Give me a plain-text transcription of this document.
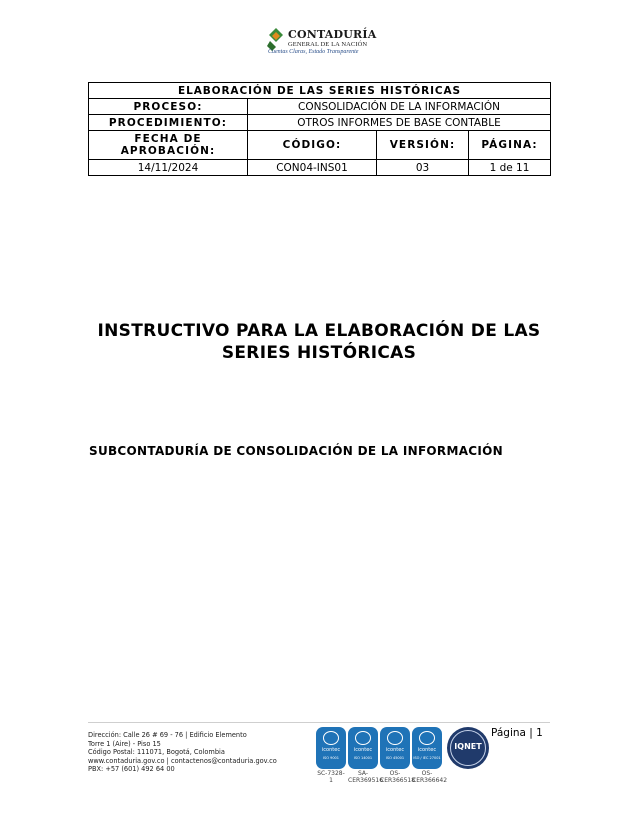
CONTADURÍA
GENERAL DE LA NACIÓN
Cuentas Claras, Estado Transparente
ELABORACIÓN DE LAS SERIES HISTÓRICAS			
PROCESO:	CONSOLIDACIÓN DE LA INFORMACIÓN		
PROCEDIMIENTO:	OTROS INFORMES DE BASE CONTABLE		
FECHA DE APROBACIÓN:	CÓDIGO:	VERSIÓN:	PÁGINA:
14/11/2024	CON04-INS01	03	1 de 11
INSTRUCTIVO PARA LA ELABORACIÓN DE LAS SERIES HISTÓRICAS
SUBCONTADURÍA DE CONSOLIDACIÓN DE LA INFORMACIÓN
Dirección: Calle 26 # 69 - 76 | Edificio Elemento
Torre 1 (Aire) - Piso 15
Código Postal: 111071, Bogotá, Colombia
www.contaduria.gov.co | contactenos@contaduria.gov.co
PBX: +57 (601) 492 64 00
icontec
ISO 9001
SC-7328-1
icontec
ISO 14001
SA-CER369516
icontec
ISO 45001
OS-CER366518
icontec
ISO / IEC 27001
OS-CER366642
IQNET
Página | 1
